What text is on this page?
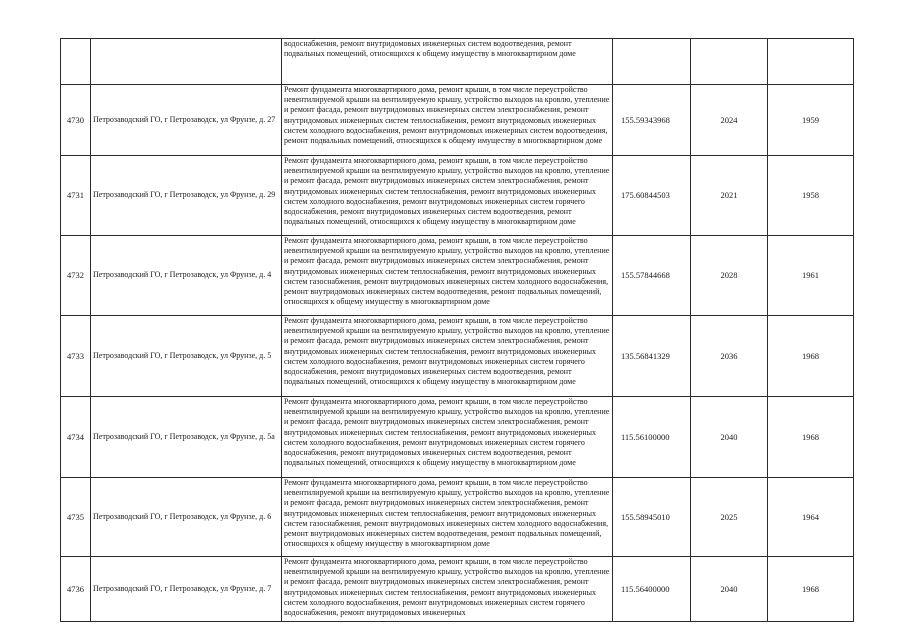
		водоснабжения, ремонт внутридомовых инженерных систем водоотведения, ремонт подвальных помещений, относящихся к общему имуществу в многоквартирном доме			
4730	Петрозаводский ГО, г Петрозаводск, ул Фрунзе, д. 27	Ремонт фундамента многоквартирного дома, ремонт крыши, в том числе переустройство невентилируемой крыши на вентилируемую крышу, устройство выходов на кровлю, утепление и ремонт фасада, ремонт внутридомовых инженерных систем электроснабжения, ремонт внутридомовых инженерных систем теплоснабжения, ремонт внутридомовых инженерных систем холодного водоснабжения, ремонт внутридомовых инженерных систем водоотведения, ремонт подвальных помещений, относящихся к общему имуществу в многоквартирном доме	155.59343968	2024	1959
4731	Петрозаводский ГО, г Петрозаводск, ул Фрунзе, д. 29	Ремонт фундамента многоквартирного дома, ремонт крыши, в том числе переустройство невентилируемой крыши на вентилируемую крышу, устройство выходов на кровлю, утепление и ремонт фасада, ремонт внутридомовых инженерных систем электроснабжения, ремонт внутридомовых инженерных систем теплоснабжения, ремонт внутридомовых инженерных систем холодного водоснабжения, ремонт внутридомовых инженерных систем горячего водоснабжения, ремонт внутридомовых инженерных систем водоотведения, ремонт подвальных помещений, относящихся к общему имуществу в многоквартирном доме	175.60844503	2021	1958
4732	Петрозаводский ГО, г Петрозаводск, ул Фрунзе, д. 4	Ремонт фундамента многоквартирного дома, ремонт крыши, в том числе переустройство невентилируемой крыши на вентилируемую крышу, устройство выходов на кровлю, утепление и ремонт фасада, ремонт внутридомовых инженерных систем электроснабжения, ремонт внутридомовых инженерных систем теплоснабжения, ремонт внутридомовых инженерных систем газоснабжения, ремонт внутридомовых инженерных систем холодного водоснабжения, ремонт внутридомовых инженерных систем водоотведения, ремонт подвальных помещений, относящихся к общему имуществу в многоквартирном доме	155.57844668	2028	1961
4733	Петрозаводский ГО, г Петрозаводск, ул Фрунзе, д. 5	Ремонт фундамента многоквартирного дома, ремонт крыши, в том числе переустройство невентилируемой крыши на вентилируемую крышу, устройство выходов на кровлю, утепление и ремонт фасада, ремонт внутридомовых инженерных систем электроснабжения, ремонт внутридомовых инженерных систем теплоснабжения, ремонт внутридомовых инженерных систем холодного водоснабжения, ремонт внутридомовых инженерных систем горячего водоснабжения, ремонт внутридомовых инженерных систем водоотведения, ремонт подвальных помещений, относящихся к общему имуществу в многоквартирном доме	135.56841329	2036	1968
4734	Петрозаводский ГО, г Петрозаводск, ул Фрунзе, д. 5а	Ремонт фундамента многоквартирного дома, ремонт крыши, в том числе переустройство невентилируемой крыши на вентилируемую крышу, устройство выходов на кровлю, утепление и ремонт фасада, ремонт внутридомовых инженерных систем электроснабжения, ремонт внутридомовых инженерных систем теплоснабжения, ремонт внутридомовых инженерных систем холодного водоснабжения, ремонт внутридомовых инженерных систем горячего водоснабжения, ремонт внутридомовых инженерных систем водоотведения, ремонт подвальных помещений, относящихся к общему имуществу в многоквартирном доме	115.56100000	2040	1968
4735	Петрозаводский ГО, г Петрозаводск, ул Фрунзе, д. 6	Ремонт фундамента многоквартирного дома, ремонт крыши, в том числе переустройство невентилируемой крыши на вентилируемую крышу, устройство выходов на кровлю, утепление и ремонт фасада, ремонт внутридомовых инженерных систем электроснабжения, ремонт внутридомовых инженерных систем теплоснабжения, ремонт внутридомовых инженерных систем газоснабжения, ремонт внутридомовых инженерных систем холодного водоснабжения, ремонт внутридомовых инженерных систем водоотведения, ремонт подвальных помещений, относящихся к общему имуществу в многоквартирном доме	155.58945010	2025	1964
4736	Петрозаводский ГО, г Петрозаводск, ул Фрунзе, д. 7	Ремонт фундамента многоквартирного дома, ремонт крыши, в том числе переустройство невентилируемой крыши на вентилируемую крышу, устройство выходов на кровлю, утепление и ремонт фасада, ремонт внутридомовых инженерных систем электроснабжения, ремонт внутридомовых инженерных систем теплоснабжения, ремонт внутридомовых инженерных систем холодного водоснабжения, ремонт внутридомовых инженерных систем горячего водоснабжения, ремонт внутридомовых инженерных	115.56400000	2040	1968
